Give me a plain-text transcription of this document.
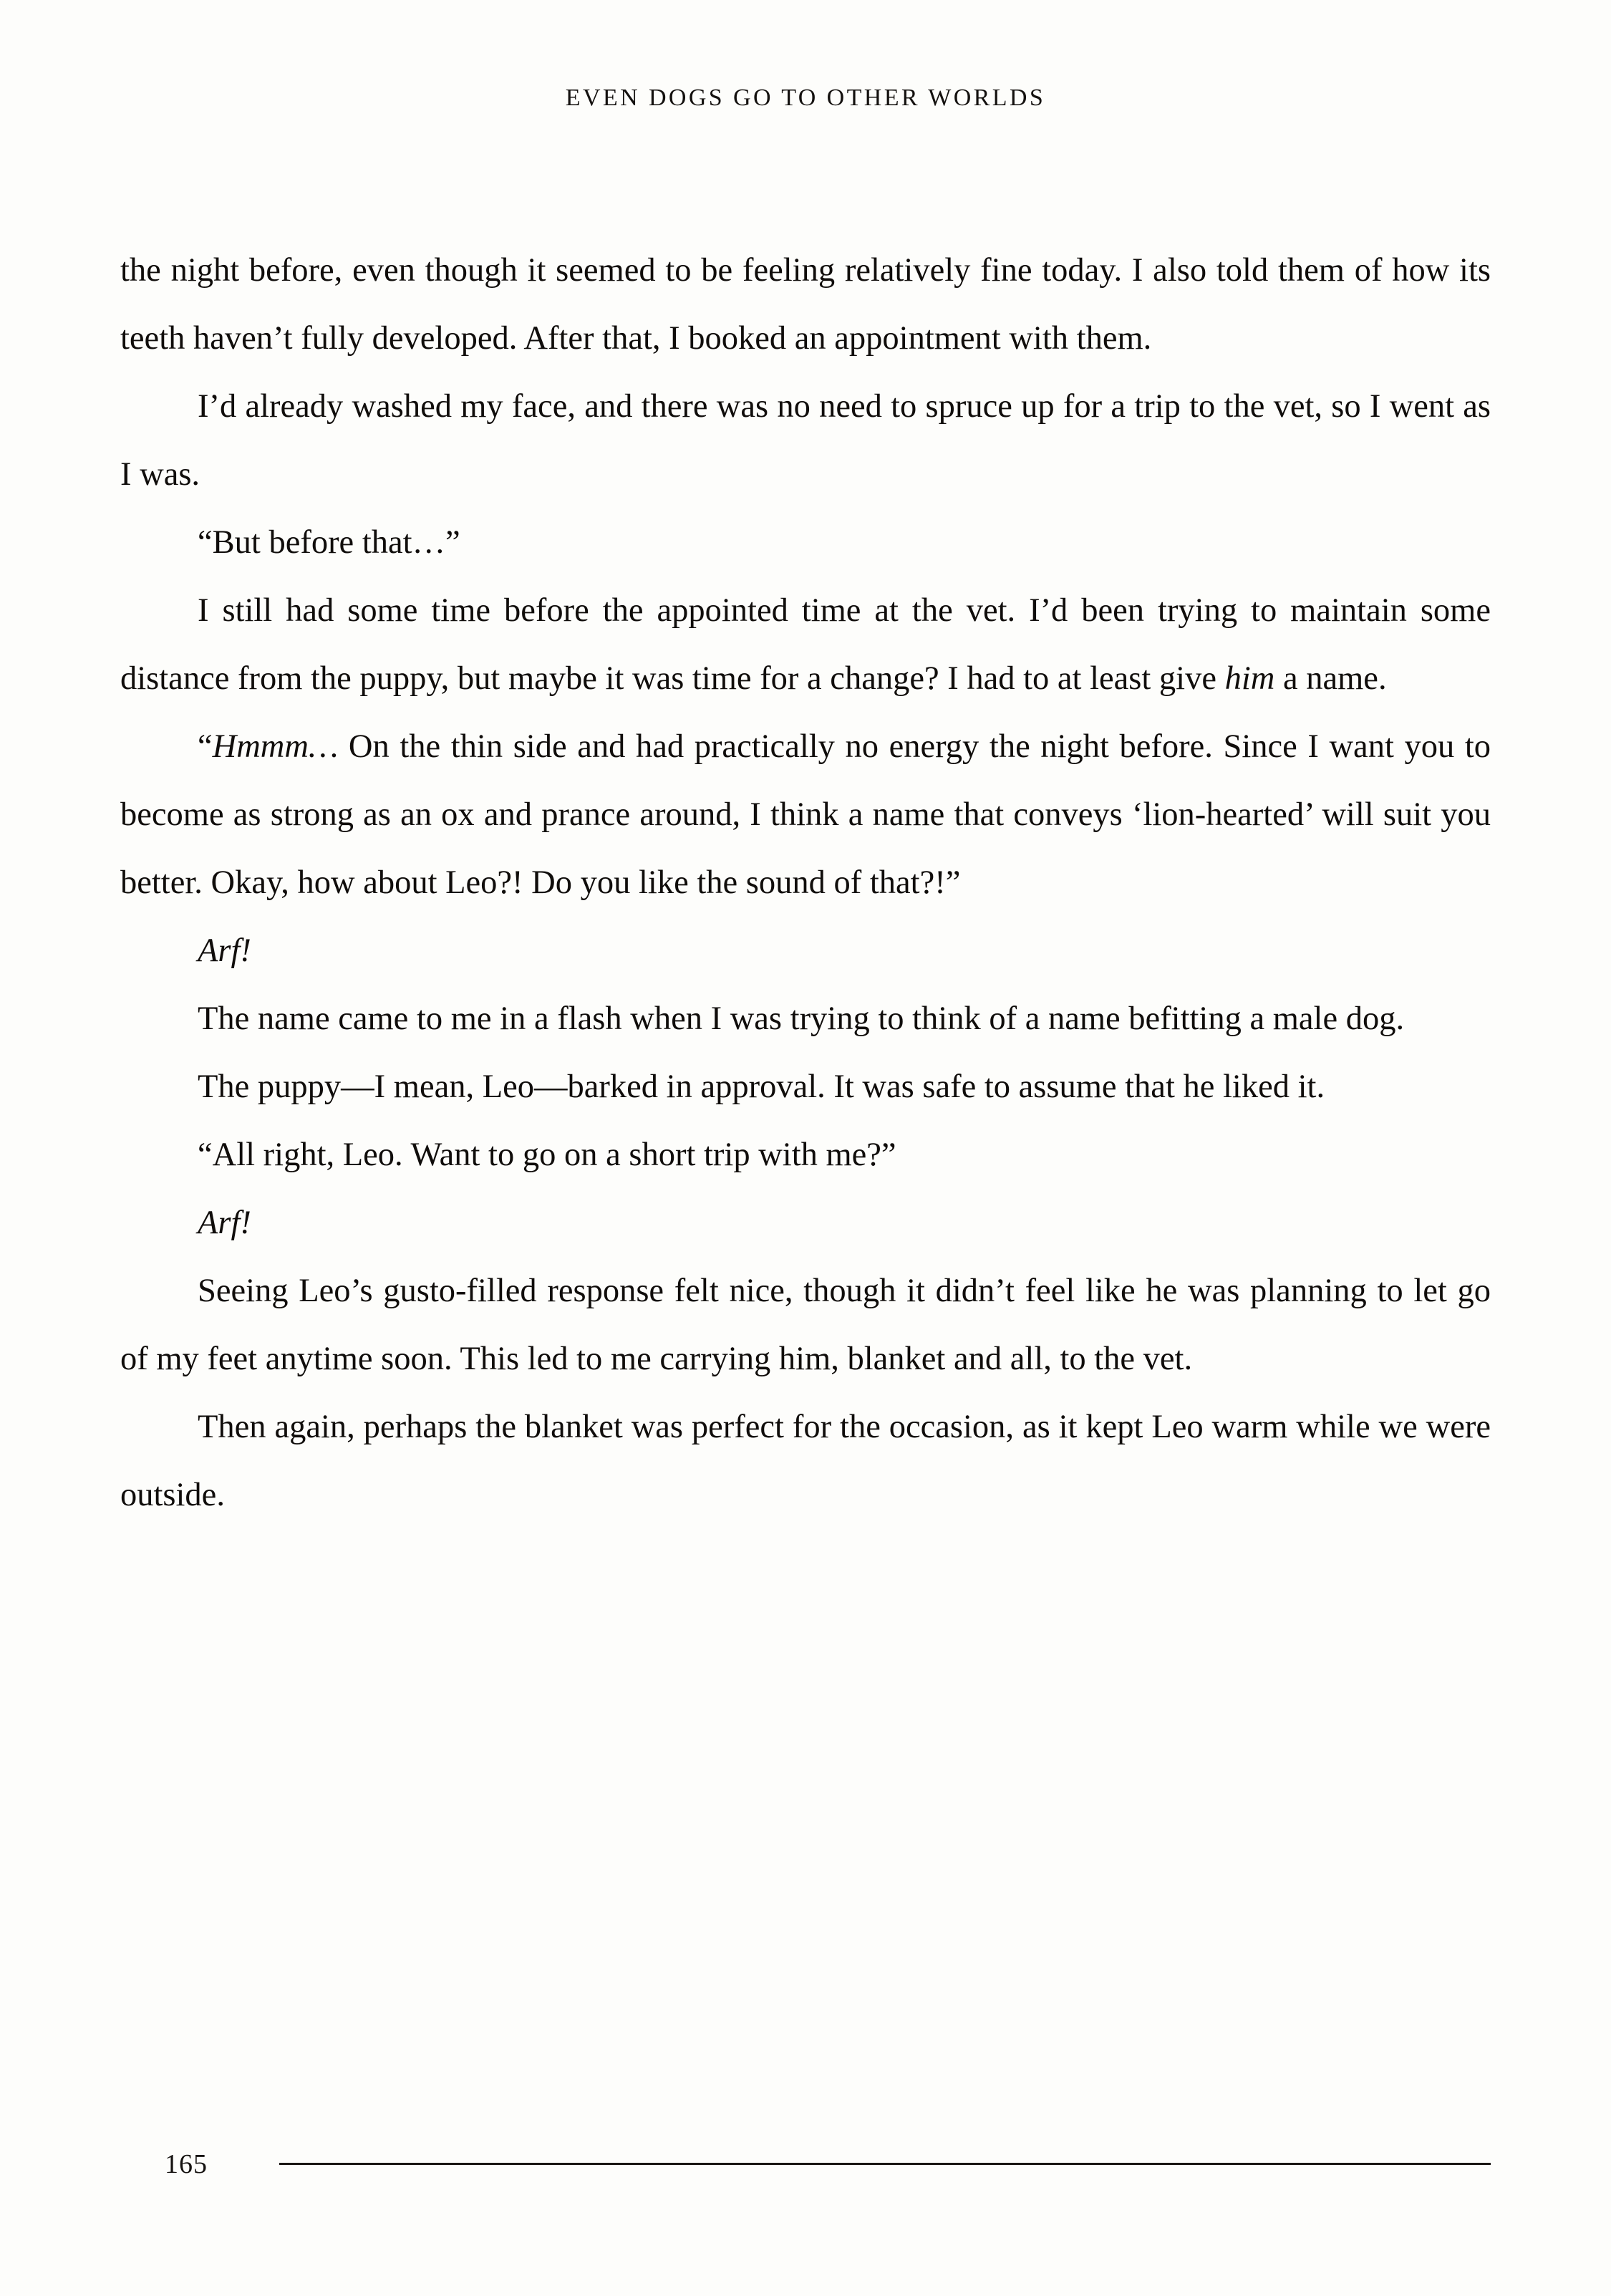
EVEN DOGS GO TO OTHER WORLDS

the night before, even though it seemed to be feeling relatively fine today. I also told them of how its teeth haven’t fully developed. After that, I booked an appointment with them.

I’d already washed my face, and there was no need to spruce up for a trip to the vet, so I went as I was.

“But before that…”

I still had some time before the appointed time at the vet. I’d been trying to maintain some distance from the puppy, but maybe it was time for a change? I had to at least give him a name.

“Hmmm… On the thin side and had practically no energy the night before. Since I want you to become as strong as an ox and prance around, I think a name that conveys ‘lion-hearted’ will suit you better. Okay, how about Leo?! Do you like the sound of that?!”

Arf!

The name came to me in a flash when I was trying to think of a name befitting a male dog.

The puppy—I mean, Leo—barked in approval. It was safe to assume that he liked it.

“All right, Leo. Want to go on a short trip with me?”

Arf!

Seeing Leo’s gusto-filled response felt nice, though it didn’t feel like he was planning to let go of my feet anytime soon. This led to me carrying him, blanket and all, to the vet.

Then again, perhaps the blanket was perfect for the occasion, as it kept Leo warm while we were outside.

165
